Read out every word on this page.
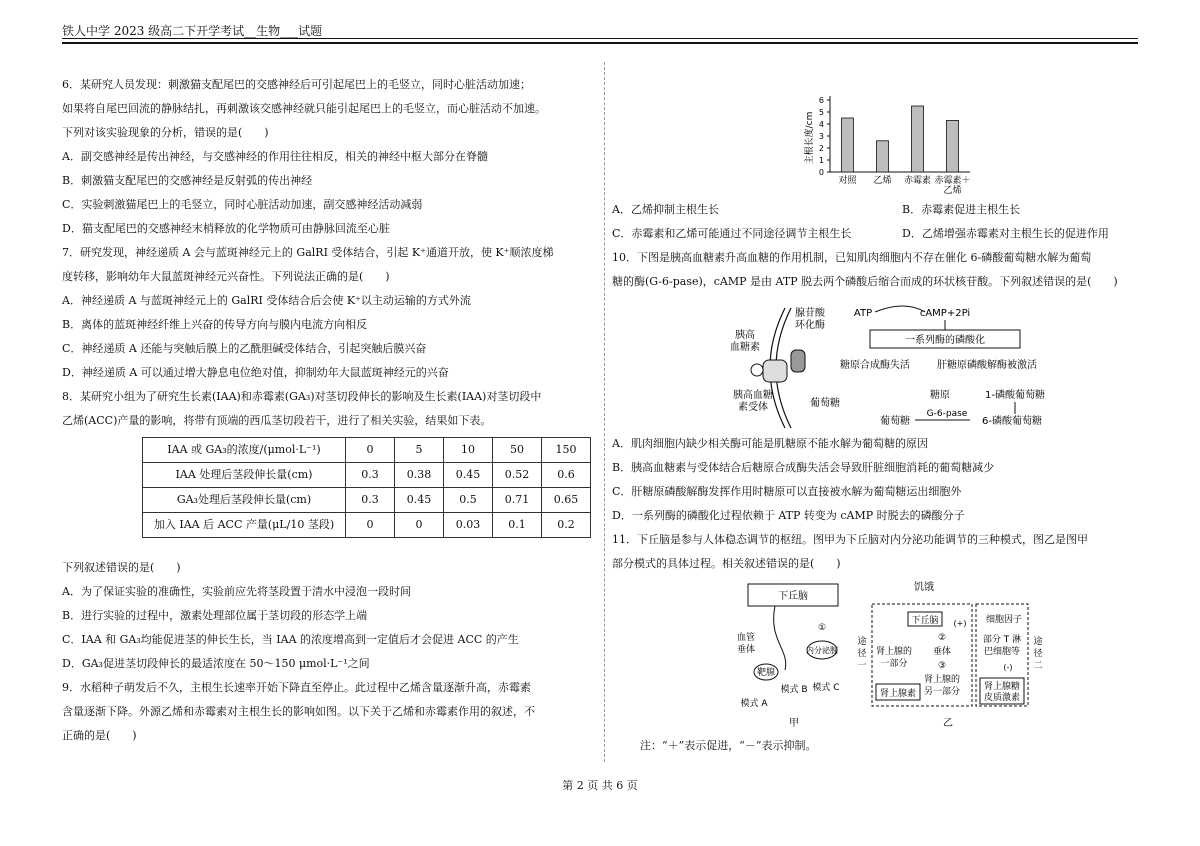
铁人中学 2023 级高二下开学考试__生物___试题

6．某研究人员发现：刺激猫支配尾巴的交感神经后可引起尾巴上的毛竖立，同时心脏活动加速；

如果将自尾巴回流的静脉结扎，再刺激该交感神经就只能引起尾巴上的毛竖立，而心脏活动不加速。

下列对该实验现象的分析，错误的是(　　)

A．副交感神经是传出神经，与交感神经的作用往往相反，相关的神经中枢大部分在脊髓

B．刺激猫支配尾巴的交感神经是反射弧的传出神经

C．实验刺激猫尾巴上的毛竖立，同时心脏活动加速，副交感神经活动减弱

D．猫支配尾巴的交感神经末梢释放的化学物质可由静脉回流至心脏

7．研究发现，神经递质 A 会与蓝斑神经元上的 GalRI 受体结合，引起 K⁺通道开放，使 K⁺顺浓度梯

度转移，影响幼年大鼠蓝斑神经元兴奋性。下列说法正确的是(　　)

A．神经递质 A 与蓝斑神经元上的 GalRI 受体结合后会使 K⁺以主动运输的方式外流

B．离体的蓝斑神经纤维上兴奋的传导方向与膜内电流方向相反

C．神经递质 A 还能与突触后膜上的乙酰胆碱受体结合，引起突触后膜兴奋

D．神经递质 A 可以通过增大静息电位绝对值，抑制幼年大鼠蓝斑神经元的兴奋

8．某研究小组为了研究生长素(IAA)和赤霉素(GA₃)对茎切段伸长的影响及生长素(IAA)对茎切段中

乙烯(ACC)产量的影响，将带有顶端的西瓜茎切段若干，进行了相关实验，结果如下表。

IAA 或 GA₃的浓度/(μmol·L⁻¹)	0	5	10	50	150
IAA 处理后茎段伸长量(cm)	0.3	0.38	0.45	0.52	0.6
GA₃处理后茎段伸长量(cm)	0.3	0.45	0.5	0.71	0.65
加入 IAA 后 ACC 产量(μL/10 茎段)	0	0	0.03	0.1	0.2

下列叙述错误的是(　　)

A．为了保证实验的准确性，实验前应先将茎段置于清水中浸泡一段时间

B．进行实验的过程中，激素处理部位属于茎切段的形态学上端

C．IAA 和 GA₃均能促进茎的伸长生长，当 IAA 的浓度增高到一定值后才会促进 ACC 的产生

D．GA₃促进茎切段伸长的最适浓度在 50～150 μmol·L⁻¹之间

9．水稻种子萌发后不久，主根生长速率开始下降直至停止。此过程中乙烯含量逐渐升高，赤霉素

含量逐渐下降。外源乙烯和赤霉素对主根生长的影响如图。以下关于乙烯和赤霉素作用的叙述，不

正确的是(　　)

主根长度/cm
0
1
2
3
4
5
6
对照 乙烯 赤霉素 赤霉素＋
乙烯

A．乙烯抑制主根生长	B．赤霉素促进主根生长

C．赤霉素和乙烯可能通过不同途径调节主根生长	D．乙烯增强赤霉素对主根生长的促进作用

10．下图是胰高血糖素升高血糖的作用机制，已知肌肉细胞内不存在催化 6-磷酸葡萄糖水解为葡萄

糖的酶(G-6-pase)，cAMP 是由 ATP 脱去两个磷酸后缩合而成的环状核苷酸。下列叙述错误的是(　　)

胰高
血糖素
腺苷酸
环化酶
胰高血糖
素受体
ATP	cAMP+2Pi
一系列酶的磷酸化
糖原合成酶失活	肝糖原磷酸解酶被激活
糖原	1-磷酸葡萄糖
葡萄糖
葡萄糖
G-6-pase
6-磷酸葡萄糖

A．肌肉细胞内缺少相关酶可能是肌糖原不能水解为葡萄糖的原因

B．胰高血糖素与受体结合后糖原合成酶失活会导致肝脏细胞消耗的葡萄糖减少

C．肝糖原磷酸解酶发挥作用时糖原可以直接被水解为葡萄糖运出细胞外

D．一系列酶的磷酸化过程依赖于 ATP 转变为 cAMP 时脱去的磷酸分子

11．下丘脑是参与人体稳态调节的枢纽。图甲为下丘脑对内分泌功能调节的三种模式，图乙是图甲

部分模式的具体过程。相关叙述错误的是(　　)

下丘脑
血管
垂体
①
内分泌腺
靶腺
模式 B 模式 C
模式 A
甲
饥饿
下丘脑 (+) 细胞因子
途
径
一
途
径
二
肾上腺的
一部分
②
垂体
③
部分 T 淋
巴细胞等
(-)
肾上腺的
另一部分
肾上腺素
肾上腺糖
皮质激素
乙
注：“＋”表示促进，“－”表示抑制。
第 2 页 共 6 页
